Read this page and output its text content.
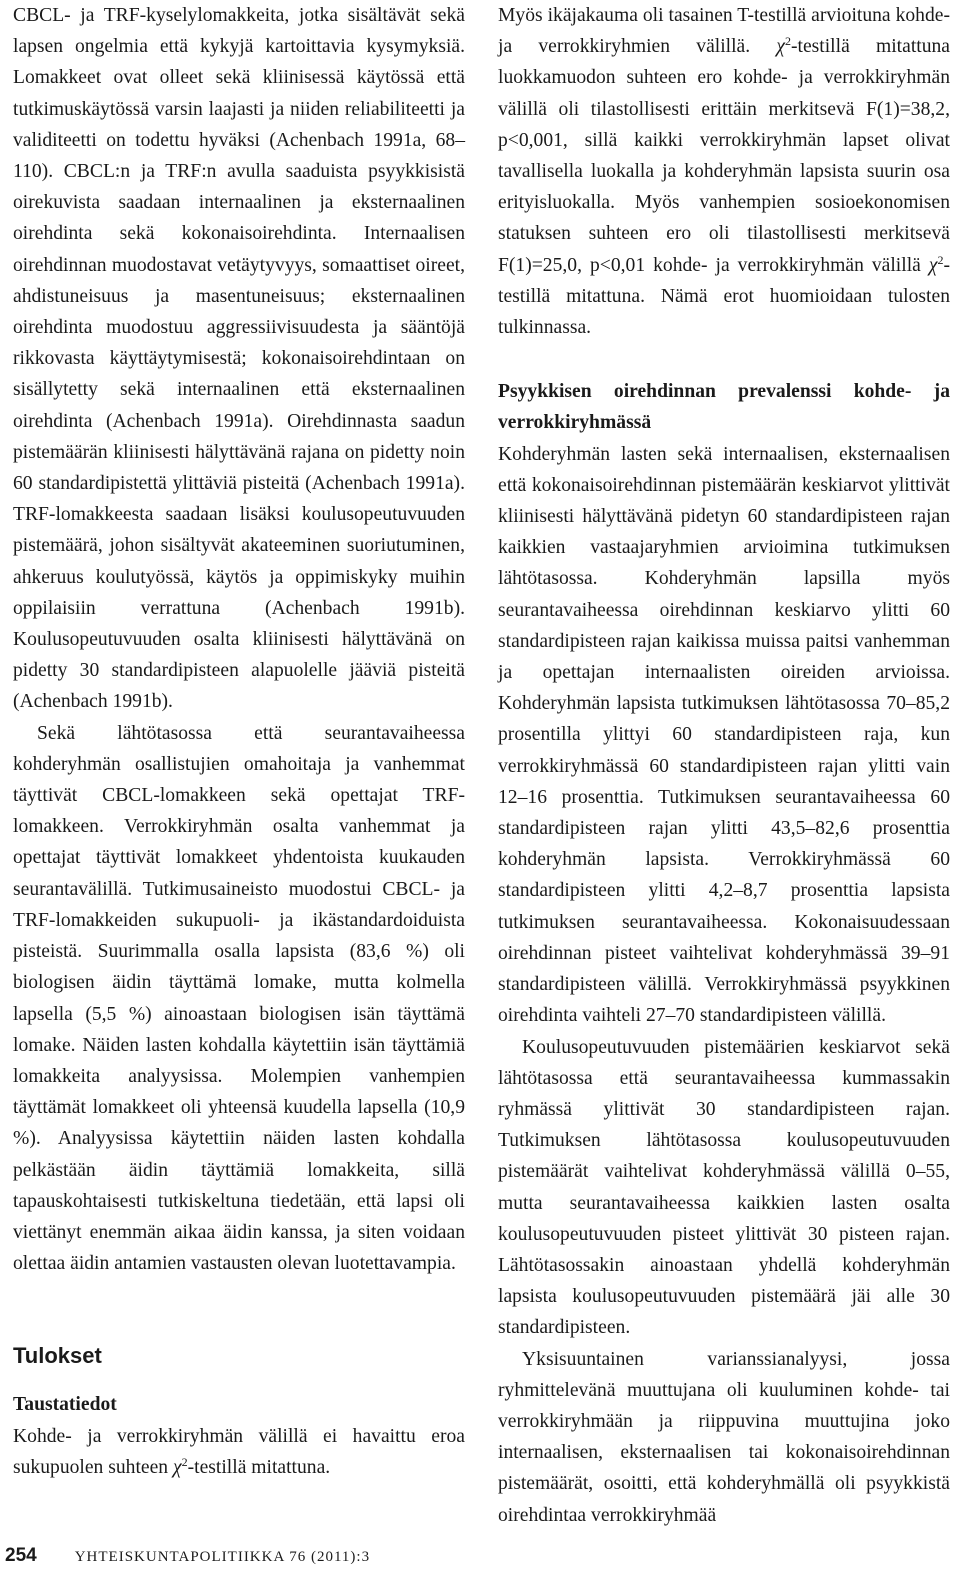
CBCL- ja TRF-kyselylomakkeita, jotka sisältävät sekä lapsen ongelmia että kykyjä kartoittavia kysymyksiä. Lomakkeet ovat olleet sekä kliinisessä käytössä että tutkimuskäytössä varsin laajasti ja niiden reliabiliteetti ja validiteetti on todettu hyväksi (Achenbach 1991a, 68–110). CBCL:n ja TRF:n avulla saaduista psyykkisistä oirekuvista saadaan internaalinen ja eksternaalinen oirehdinta sekä kokonaisoirehdinta. Internaalisen oirehdinnan muodostavat vetäytyvyys, somaattiset oireet, ahdistuneisuus ja masentuneisuus; eksternaalinen oirehdinta muodostuu aggressiivisuudesta ja sääntöjä rikkovasta käyttäytymisestä; kokonaisoirehdintaan on sisällytetty sekä internaalinen että eksternaalinen oirehdinta (Achenbach 1991a). Oirehdinnasta saadun pistemäärän kliinisesti hälyttävänä rajana on pidetty noin 60 standardipistettä ylittäviä pisteitä (Achenbach 1991a). TRF-lomakkeesta saadaan lisäksi koulusopeutuvuuden pistemäärä, johon sisältyvät akateeminen suoriutuminen, ahkeruus koulutyössä, käytös ja oppimiskyky muihin oppilaisiin verrattuna (Achenbach 1991b). Koulusopeutuvuuden osalta kliinisesti hälyttävänä on pidetty 30 standardipisteen alapuolelle jääviä pisteitä (Achenbach 1991b).

Sekä lähtötasossa että seurantavaiheessa kohderyhmän osallistujien omahoitaja ja vanhemmat täyttivät CBCL-lomakkeen sekä opettajat TRF-lomakkeen. Verrokkiryhmän osalta vanhemmat ja opettajat täyttivät lomakkeet yhdentoista kuukauden seurantavälillä. Tutkimusaineisto muodostui CBCL- ja TRF-lomakkeiden sukupuoli- ja ikästandardoiduista pisteistä. Suurimmalla osalla lapsista (83,6 %) oli biologisen äidin täyttämä lomake, mutta kolmella lapsella (5,5 %) ainoastaan biologisen isän täyttämä lomake. Näiden lasten kohdalla käytettiin isän täyttämiä lomakkeita analyysissa. Molempien vanhempien täyttämät lomakkeet oli yhteensä kuudella lapsella (10,9 %). Analyysissa käytettiin näiden lasten kohdalla pelkästään äidin täyttämiä lomakkeita, sillä tapauskohtaisesti tutkiskeltuna tiedetään, että lapsi oli viettänyt enemmän aikaa äidin kanssa, ja siten voidaan olettaa äidin antamien vastausten olevan luotettavampia.

Tulokset

Taustatiedot

Kohde- ja verrokkiryhmän välillä ei havaittu eroa sukupuolen suhteen $\chi^2$-testillä mitattuna.

Myös ikäjakauma oli tasainen T-testillä arvioituna kohde- ja verrokkiryhmien välillä. $\chi^2$-testillä mitattuna luokkamuodon suhteen ero kohde- ja verrokkiryhmän välillä oli tilastollisesti erittäin merkitsevä F(1)=38,2, p<0,001, sillä kaikki verrokkiryhmän lapset olivat tavallisella luokalla ja kohderyhmän lapsista suurin osa erityisluokalla. Myös vanhempien sosioekonomisen statuksen suhteen ero oli tilastollisesti merkitsevä F(1)=25,0, p<0,01 kohde- ja verrokkiryhmän välillä $\chi^2$-testillä mitattuna. Nämä erot huomioidaan tulosten tulkinnassa.

Psyykkisen oirehdinnan prevalenssi kohde- ja verrokkiryhmässä

Kohderyhmän lasten sekä internaalisen, eksternaalisen että kokonaisoirehdinnan pistemäärän keskiarvot ylittivät kliinisesti hälyttävänä pidetyn 60 standardipisteen rajan kaikkien vastaajaryhmien arvioimina tutkimuksen lähtötasossa. Kohderyhmän lapsilla myös seurantavaiheessa oirehdinnan keskiarvo ylitti 60 standardipisteen rajan kaikissa muissa paitsi vanhemman ja opettajan internaalisten oireiden arvioissa. Kohderyhmän lapsista tutkimuksen lähtötasossa 70–85,2 prosentilla ylittyi 60 standardipisteen raja, kun verrokkiryhmässä 60 standardipisteen rajan ylitti vain 12–16 prosenttia. Tutkimuksen seurantavaiheessa 60 standardipisteen rajan ylitti 43,5–82,6 prosenttia kohderyhmän lapsista. Verrokkiryhmässä 60 standardipisteen ylitti 4,2–8,7 prosenttia lapsista tutkimuksen seurantavaiheessa. Kokonaisuudessaan oirehdinnan pisteet vaihtelivat kohderyhmässä 39–91 standardipisteen välillä. Verrokkiryhmässä psyykkinen oirehdinta vaihteli 27–70 standardipisteen välillä.

Koulusopeutuvuuden pistemäärien keskiarvot sekä lähtötasossa että seurantavaiheessa kummassakin ryhmässä ylittivät 30 standardipisteen rajan. Tutkimuksen lähtötasossa koulusopeutuvuuden pistemäärät vaihtelivat kohderyhmässä välillä 0–55, mutta seurantavaiheessa kaikkien lasten osalta koulusopeutuvuuden pisteet ylittivät 30 pisteen rajan. Lähtötasossakin ainoastaan yhdellä kohderyhmän lapsista koulusopeutuvuuden pistemäärä jäi alle 30 standardipisteen.

Yksisuuntainen varianssianalyysi, jossa ryhmittelevänä muuttujana oli kuuluminen kohde- tai verrokkiryhmään ja riippuvina muuttujina joko internaalisen, eksternaalisen tai kokonaisoirehdinnan pistemäärät, osoitti, että kohderyhmällä oli psyykkistä oirehdintaa verrokkiryhmää

254	YHTEISKUNTAPOLITIIKKA 76 (2011):3
